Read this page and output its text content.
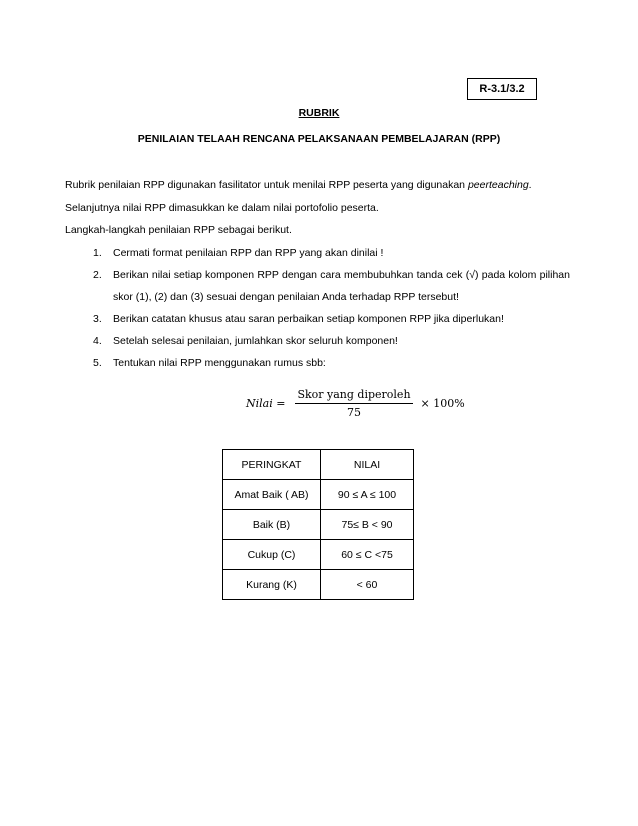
R-3.1/3.2
RUBRIK
PENILAIAN TELAAH RENCANA PELAKSANAAN PEMBELAJARAN (RPP)
Rubrik penilaian RPP digunakan fasilitator untuk menilai RPP peserta yang digunakan peerteaching.
Selanjutnya nilai RPP dimasukkan ke dalam nilai portofolio peserta.
Langkah-langkah penilaian RPP sebagai berikut.
1.	Cermati format penilaian RPP dan RPP yang akan dinilai !
2.	Berikan nilai setiap komponen RPP dengan cara membubuhkan tanda cek (√) pada kolom pilihan skor (1), (2) dan (3) sesuai dengan penilaian Anda terhadap RPP tersebut!
3.	Berikan catatan khusus atau saran perbaikan setiap komponen RPP jika diperlukan!
4.	Setelah selesai penilaian, jumlahkan skor seluruh komponen!
5.	Tentukan nilai RPP menggunakan rumus sbb:
Nilai = $\frac{\text{Skor yang diperoleh}}{75} \times 100\%$
PERINGKAT	NILAI
Amat Baik ( AB)	90 ≤ A ≤ 100
Baik (B)	75≤ B < 90
Cukup (C)	60 ≤ C <75
Kurang (K)	< 60
